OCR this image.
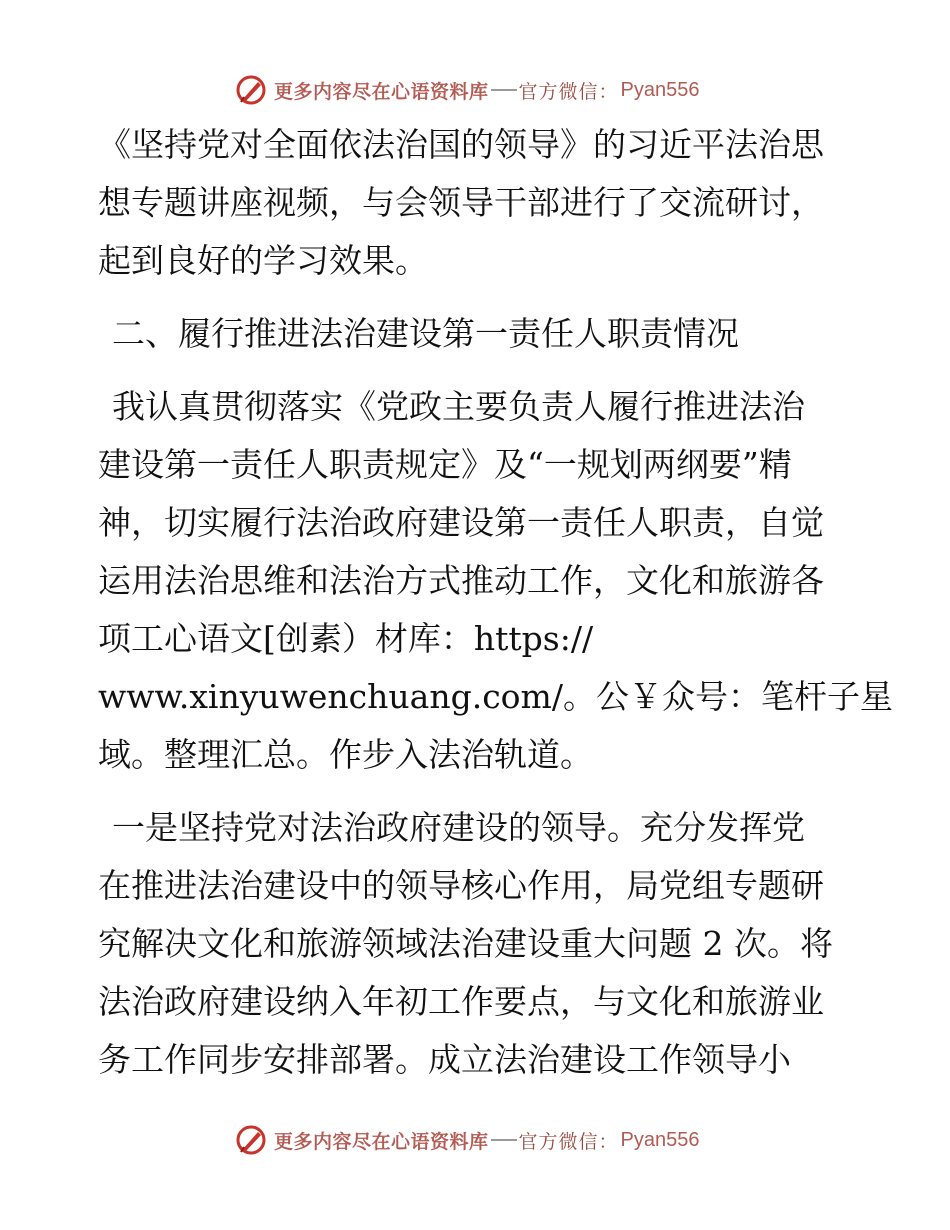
更多内容尽在心语资料库 官方微信： Pyan556
《坚持党对全面依法治国的领导》的习近平法治思
想专题讲座视频，与会领导干部进行了交流研讨，
起到良好的学习效果。
二、履行推进法治建设第一责任人职责情况
我认真贯彻落实《党政主要负责人履行推进法治
建设第一责任人职责规定》及“一规划两纲要”精
神，切实履行法治政府建设第一责任人职责，自觉
运用法治思维和法治方式推动工作，文化和旅游各
项工心语文[创素）材库：https://
www.xinyuwenchuang.com/。公￥众号：笔杆子星
域。整理汇总。作步入法治轨道。
一是坚持党对法治政府建设的领导。充分发挥党
在推进法治建设中的领导核心作用，局党组专题研
究解决文化和旅游领域法治建设重大问题 2 次。将
法治政府建设纳入年初工作要点，与文化和旅游业
务工作同步安排部署。成立法治建设工作领导小
更多内容尽在心语资料库 官方微信： Pyan556
